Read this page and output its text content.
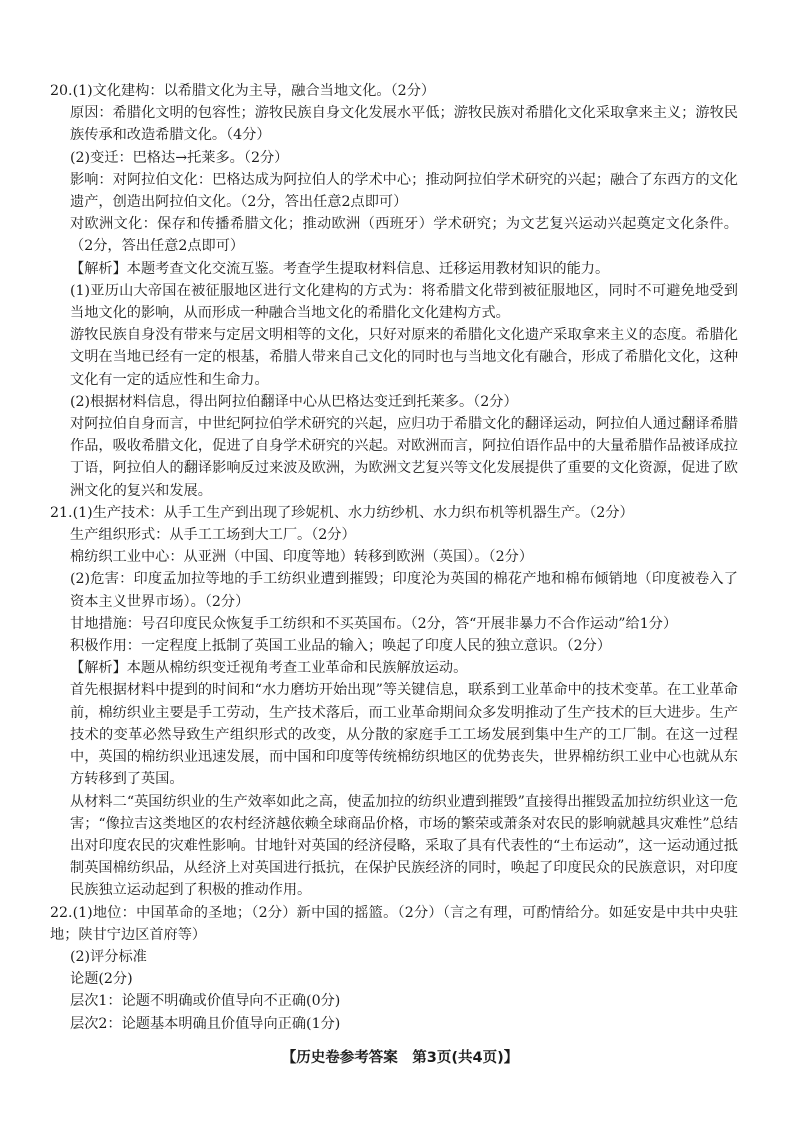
20.(1)文化建构：以希腊文化为主导，融合当地文化。（2分）
原因：希腊化文明的包容性；游牧民族自身文化发展水平低；游牧民族对希腊化文化采取拿来主义；游牧民族传承和改造希腊文化。（4分）
(2)变迁：巴格达→托莱多。（2分）
影响：对阿拉伯文化：巴格达成为阿拉伯人的学术中心；推动阿拉伯学术研究的兴起；融合了东西方的文化遗产，创造出阿拉伯文化。（2分，答出任意2点即可）
对欧洲文化：保存和传播希腊文化；推动欧洲（西班牙）学术研究；为文艺复兴运动兴起奠定文化条件。（2分，答出任意2点即可）
【解析】本题考查文化交流互鉴。考查学生提取材料信息、迁移运用教材知识的能力。
(1)亚历山大帝国在被征服地区进行文化建构的方式为：将希腊文化带到被征服地区，同时不可避免地受到当地文化的影响，从而形成一种融合当地文化的希腊化文化建构方式。
游牧民族自身没有带来与定居文明相等的文化，只好对原来的希腊化文化遗产采取拿来主义的态度。希腊化文明在当地已经有一定的根基，希腊人带来自己文化的同时也与当地文化有融合，形成了希腊化文化，这种文化有一定的适应性和生命力。
(2)根据材料信息，得出阿拉伯翻译中心从巴格达变迁到托莱多。（2分）
对阿拉伯自身而言，中世纪阿拉伯学术研究的兴起，应归功于希腊文化的翻译运动，阿拉伯人通过翻译希腊作品，吸收希腊文化，促进了自身学术研究的兴起。对欧洲而言，阿拉伯语作品中的大量希腊作品被译成拉丁语，阿拉伯人的翻译影响反过来波及欧洲，为欧洲文艺复兴等文化发展提供了重要的文化资源，促进了欧洲文化的复兴和发展。
21.(1)生产技术：从手工生产到出现了珍妮机、水力纺纱机、水力织布机等机器生产。（2分）
生产组织形式：从手工工场到大工厂。（2分）
棉纺织工业中心：从亚洲（中国、印度等地）转移到欧洲（英国）。（2分）
(2)危害：印度孟加拉等地的手工纺织业遭到摧毁；印度沦为英国的棉花产地和棉布倾销地（印度被卷入了资本主义世界市场）。（2分）
甘地措施：号召印度民众恢复手工纺织和不买英国布。（2分，答“开展非暴力不合作运动”给1分）
积极作用：一定程度上抵制了英国工业品的输入；唤起了印度人民的独立意识。（2分）
【解析】本题从棉纺织变迁视角考查工业革命和民族解放运动。
首先根据材料中提到的时间和“水力磨坊开始出现”等关键信息，联系到工业革命中的技术变革。在工业革命前，棉纺织业主要是手工劳动，生产技术落后，而工业革命期间众多发明推动了生产技术的巨大进步。生产技术的变革必然导致生产组织形式的改变，从分散的家庭手工工场发展到集中生产的工厂制。在这一过程中，英国的棉纺织业迅速发展，而中国和印度等传统棉纺织地区的优势丧失，世界棉纺织工业中心也就从东方转移到了英国。
从材料二“英国纺织业的生产效率如此之高，使孟加拉的纺织业遭到摧毁”直接得出摧毁孟加拉纺织业这一危害；“像拉吉这类地区的农村经济越依赖全球商品价格，市场的繁荣或萧条对农民的影响就越具灾难性”总结出对印度农民的灾难性影响。甘地针对英国的经济侵略，采取了具有代表性的“土布运动”，这一运动通过抵制英国棉纺织品，从经济上对英国进行抵抗，在保护民族经济的同时，唤起了印度民众的民族意识，对印度民族独立运动起到了积极的推动作用。
22.(1)地位：中国革命的圣地；（2分）新中国的摇篮。（2分）（言之有理，可酌情给分。如延安是中共中央驻地；陕甘宁边区首府等）
(2)评分标准
论题(2分)
层次1：论题不明确或价值导向不正确(0分)
层次2：论题基本明确且价值导向正确(1分)
【历史卷参考答案　第3页(共4页)】
